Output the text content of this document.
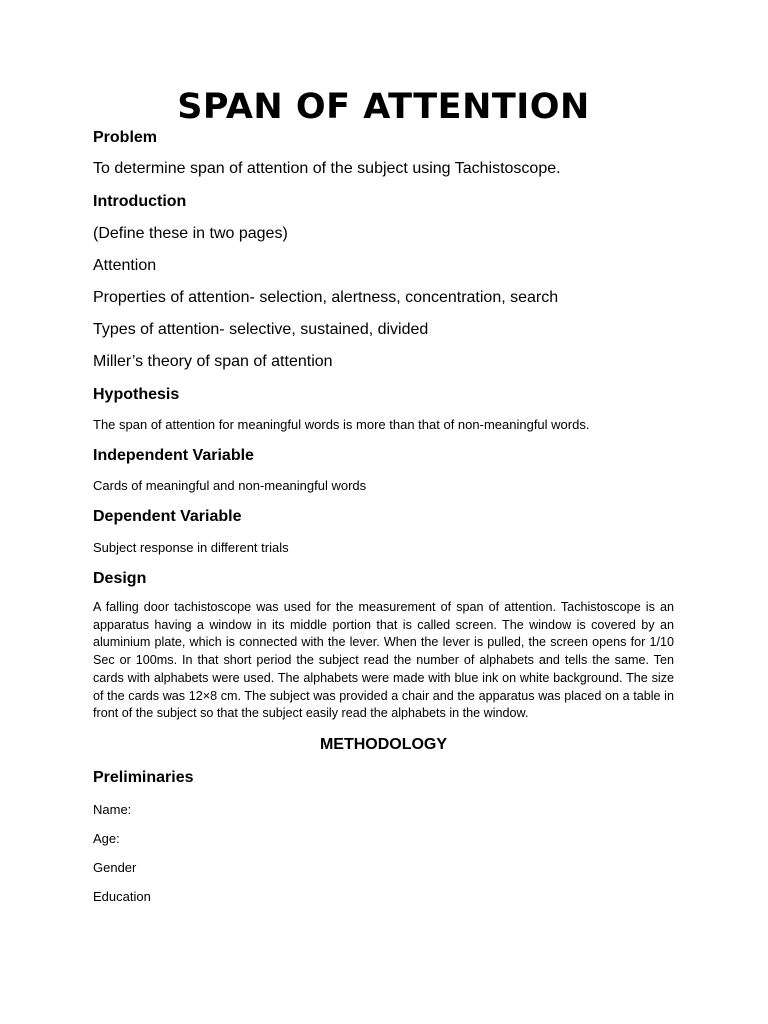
SPAN OF ATTENTION
Problem

To determine span of attention of the subject using Tachistoscope.

Introduction

(Define these in two pages)

Attention

Properties of attention- selection, alertness, concentration, search

Types of attention- selective, sustained, divided

Miller’s theory of span of attention

Hypothesis

The span of attention for meaningful words is more than that of non-meaningful words.

Independent Variable

Cards of meaningful and non-meaningful words

Dependent Variable

Subject response in different trials

Design

A falling door tachistoscope was used for the measurement of span of attention. Tachistoscope is an apparatus having a window in its middle portion that is called screen. The window is covered by an aluminium plate, which is connected with the lever. When the lever is pulled, the screen opens for 1/10 Sec or 100ms. In that short period the subject read the number of alphabets and tells the same. Ten cards with alphabets were used. The alphabets were made with blue ink on white background. The size of the cards was 12×8 cm. The subject was provided a chair and the apparatus was placed on a table in front of the subject so that the subject easily read the alphabets in the window.

METHODOLOGY
Preliminaries

Name:

Age:

Gender

Education
